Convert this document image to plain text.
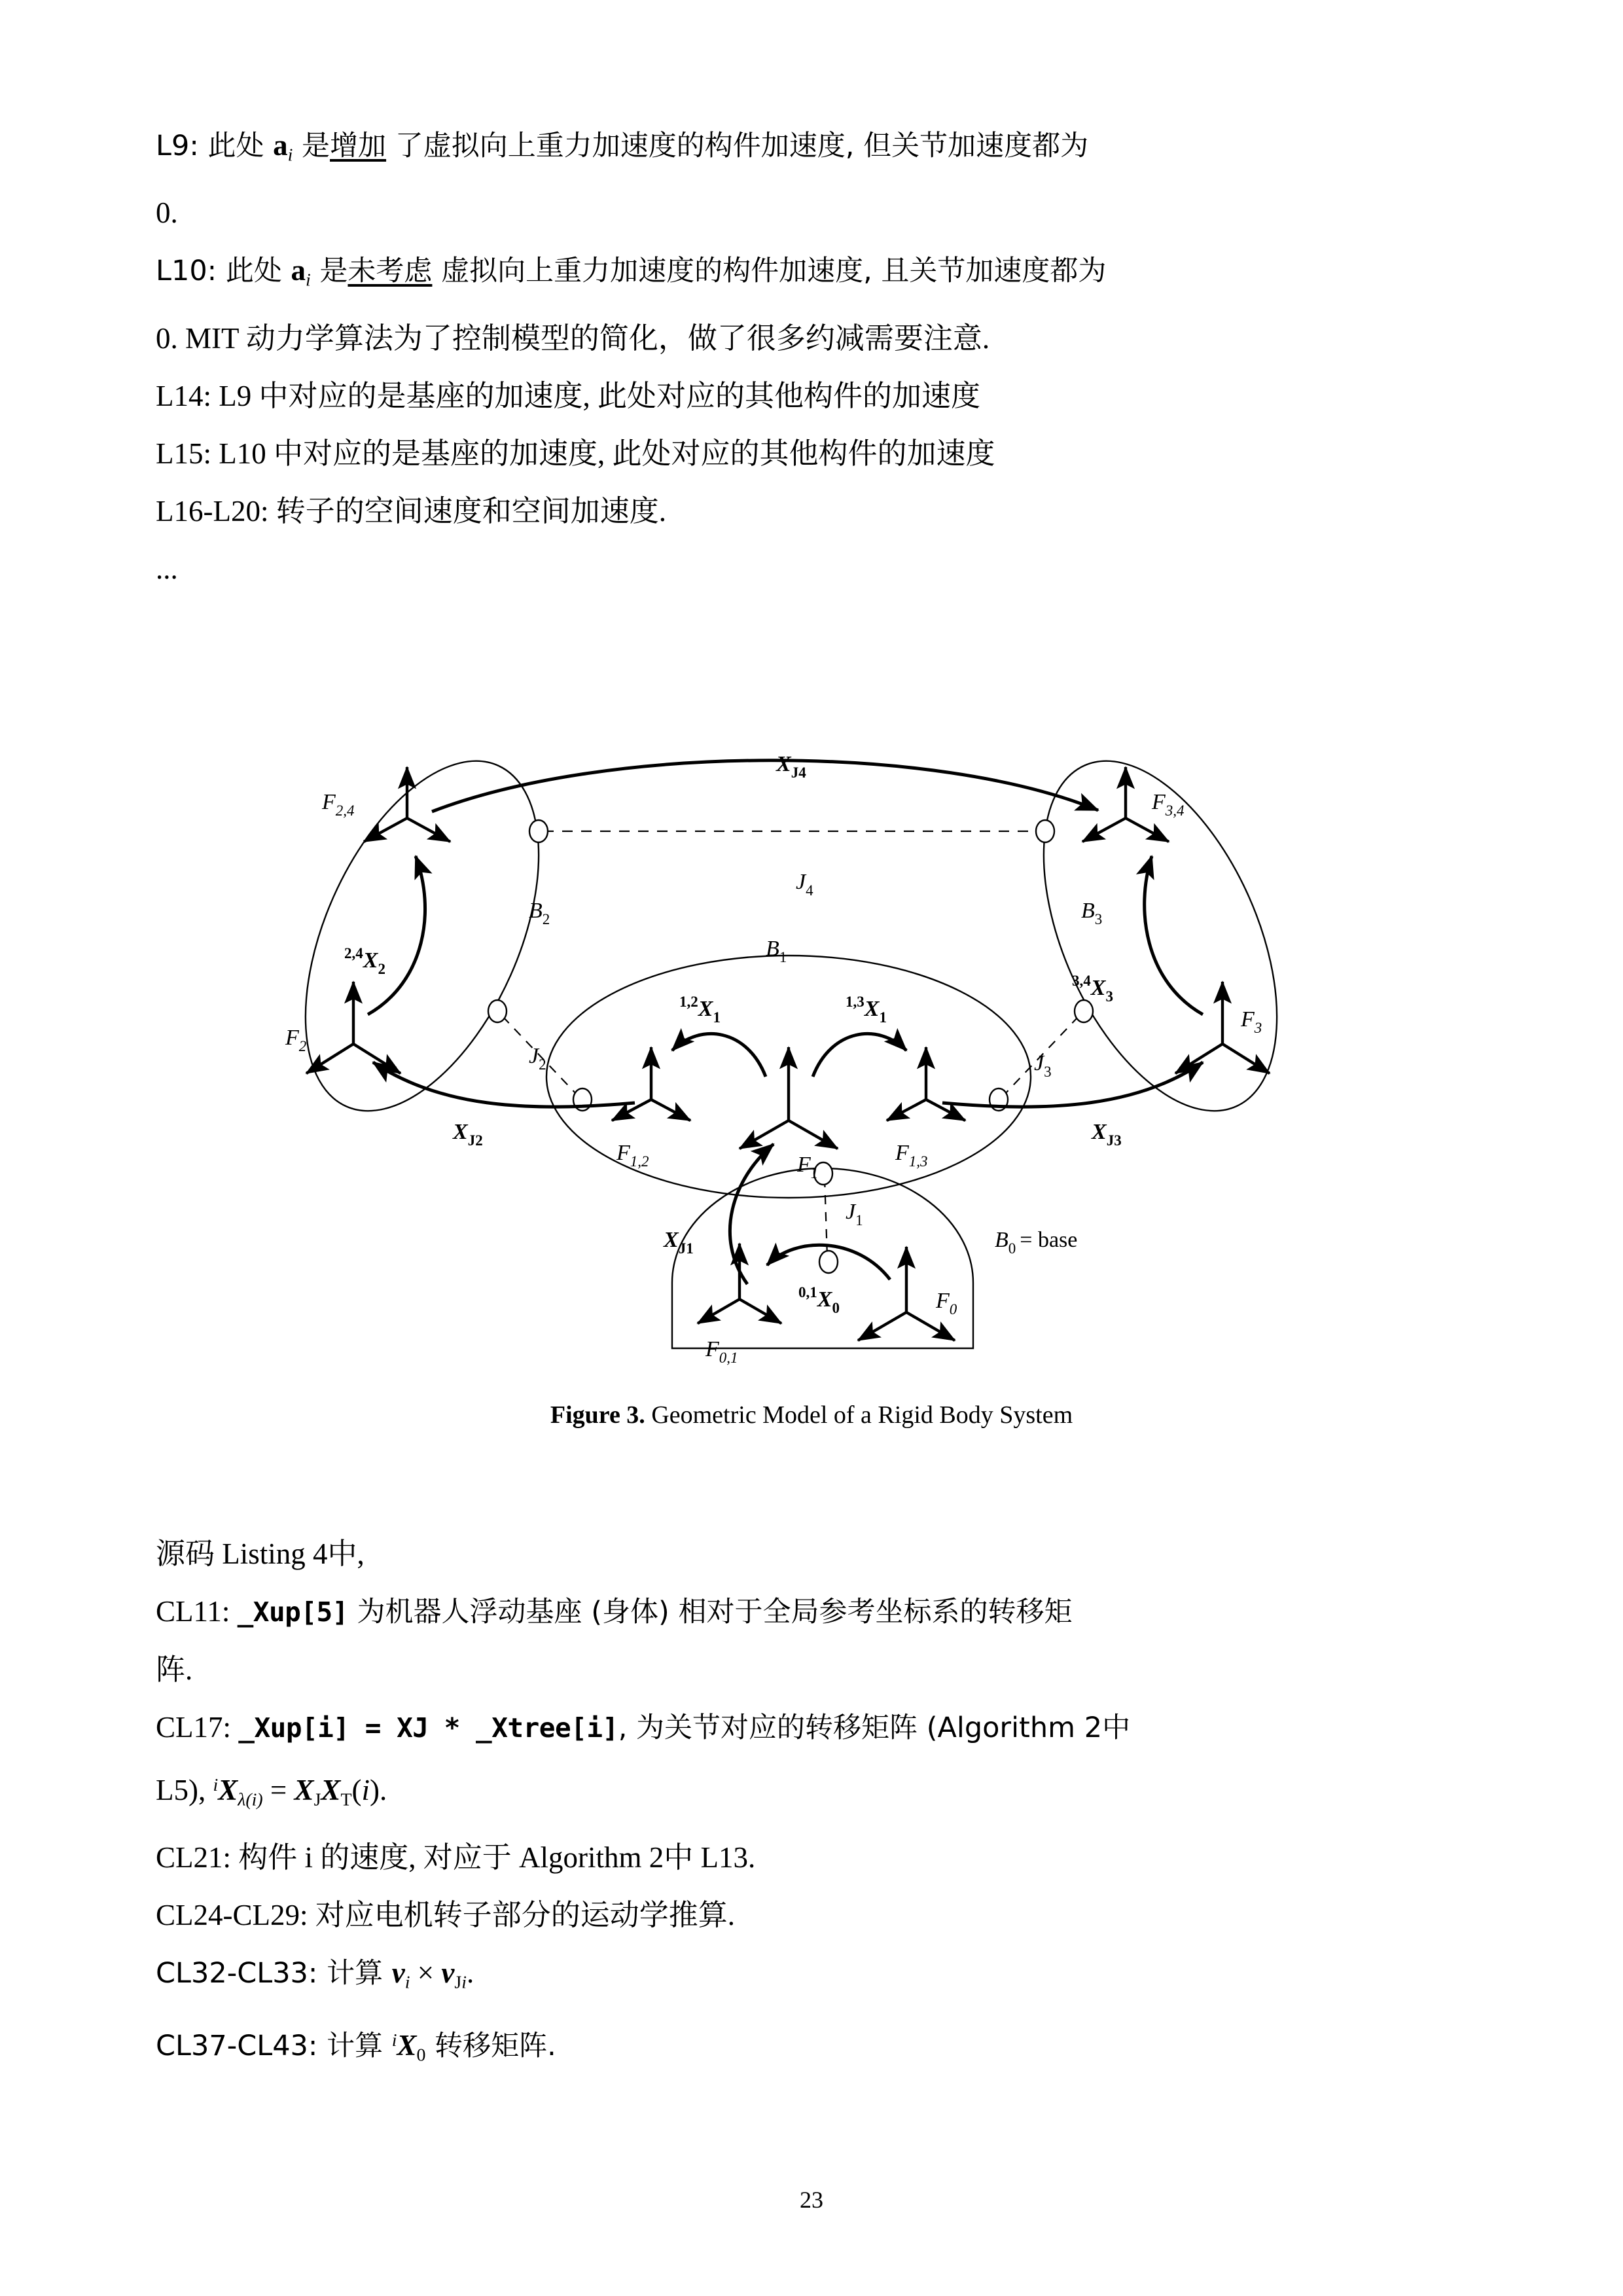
L9: 此处 $a_i$ 是增加 了虚拟向上重力加速度的构件加速度, 但关节加速度都为

0.

L10: 此处 $a_i$ 是未考虑 虚拟向上重力加速度的构件加速度, 且关节加速度都为

0. MIT 动力学算法为了控制模型的简化，做了很多约减需要注意.

L14: L9 中对应的是基座的加速度, 此处对应的其他构件的加速度

L15: L10 中对应的是基座的加速度, 此处对应的其他构件的加速度

L16-L20: 转子的空间速度和空间加速度.

...

$F_{2,4}$
$F_2$
$F_{3,4}$
$F_3$
$F_{1,2}$	$F_1$
$F_{1,3}$
$F_{0,1}$
$F_0$
$B_2$	$B_3$
$B_1$
$B_0$ = base
$J_4$
$J_2$	$J_3$
$J_1$
$X_{J4}$
$X_{J2}$	$X_{J3}$
$X_{J1}$
$^{2,4}X_2$
$^{3,4}X_3$
$^{1,2}X_1$
$^{1,3}X_1$
$^{0,1}X_0$
Figure 3. Geometric Model of a Rigid Body System

源码 Listing 4中,

CL11: _Xup[5] 为机器人浮动基座 (身体) 相对于全局参考坐标系的转移矩

阵.

CL17: _Xup[i] = XJ * _Xtree[i], 为关节对应的转移矩阵 (Algorithm 2中

L5), $^iX_{\lambda(i)} = X_JX_T(i)$.

CL21: 构件 i 的速度, 对应于 Algorithm 2中 L13.

CL24-CL29: 对应电机转子部分的运动学推算.

CL32-CL33: 计算 $v_i \times v_{Ji}$.

CL37-CL43: 计算 $^iX_0$ 转移矩阵.

23
